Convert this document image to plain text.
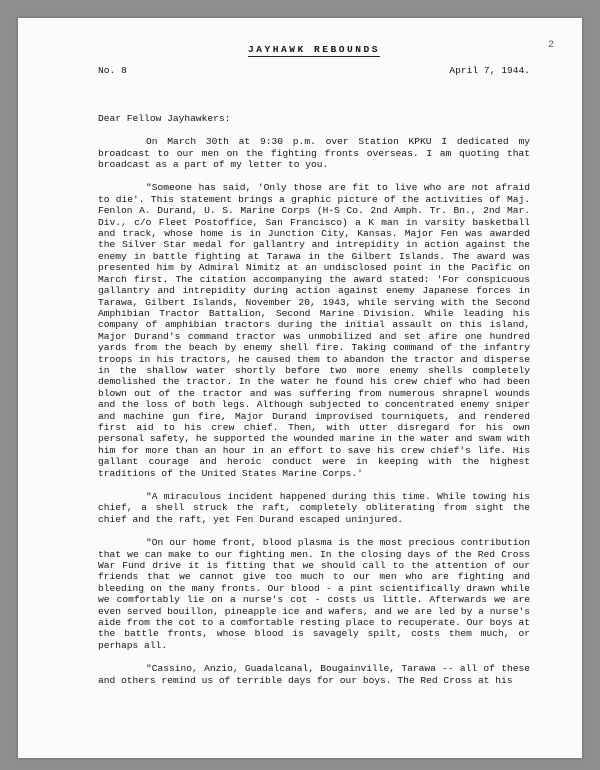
2
JAYHAWK REBOUNDS
No. 8	April 7, 1944.
Dear Fellow Jayhawkers:

On March 30th at 9:30 p.m. over Station KPKU I dedicated my broadcast to our men on the fighting fronts overseas. I am quoting that broadcast as a part of my letter to you.

"Someone has said, 'Only those are fit to live who are not afraid to die'. This statement brings a graphic picture of the activities of Maj. Fenlon A. Durand, U. S. Marine Corps (H-S Co. 2nd Amph. Tr. Bn., 2nd Mar. Div., c/o Fleet Postoffice, San Francisco) a K man in varsity basketball and track, whose home is in Junction City, Kansas. Major Fen was awarded the Silver Star medal for gallantry and intrepidity in action against the enemy in battle fighting at Tarawa in the Gilbert Islands. The award was presented him by Admiral Nimitz at an undisclosed point in the Pacific on March first. The citation accompanying the award stated: 'For conspicuous gallantry and intrepidity during action against enemy Japanese forces in Tarawa, Gilbert Islands, November 20, 1943, while serving with the Second Amphibian Tractor Battalion, Second Marine Division. While leading his company of amphibian tractors during the initial assault on this island, Major Durand's command tractor was unmobilized and set afire one hundred yards from the beach by enemy shell fire. Taking command of the infantry troops in his tractors, he caused them to abandon the tractor and disperse in the shallow water shortly before two more enemy shells completely demolished the tractor. In the water he found his crew chief who had been blown out of the tractor and was suffering from numerous shrapnel wounds and the loss of both legs. Although subjected to concentrated enemy sniper and machine gun fire, Major Durand improvised tourniquets, and rendered first aid to his crew chief. Then, with utter disregard for his own personal safety, he supported the wounded marine in the water and swam with him for more than an hour in an effort to save his crew chief's life. His gallant courage and heroic conduct were in keeping with the highest traditions of the United States Marine Corps.'

"A miraculous incident happened during this time. While towing his chief, a shell struck the raft, completely obliterating from sight the chief and the raft, yet Fen Durand escaped uninjured.

"On our home front, blood plasma is the most precious contribution that we can make to our fighting men. In the closing days of the Red Cross War Fund drive it is fitting that we should call to the attention of our friends that we cannot give too much to our men who are fighting and bleeding on the many fronts. Our blood - a pint scientifically drawn while we comfortably lie on a nurse's cot - costs us little. Afterwards we are even served bouillon, pineapple ice and wafers, and we are led by a nurse's aide from the cot to a comfortable resting place to recuperate. Our boys at the battle fronts, whose blood is savagely spilt, costs them much, or perhaps all.

"Cassino, Anzio, Guadalcanal, Bougainville, Tarawa -- all of these and others remind us of terrible days for our boys. The Red Cross at his
